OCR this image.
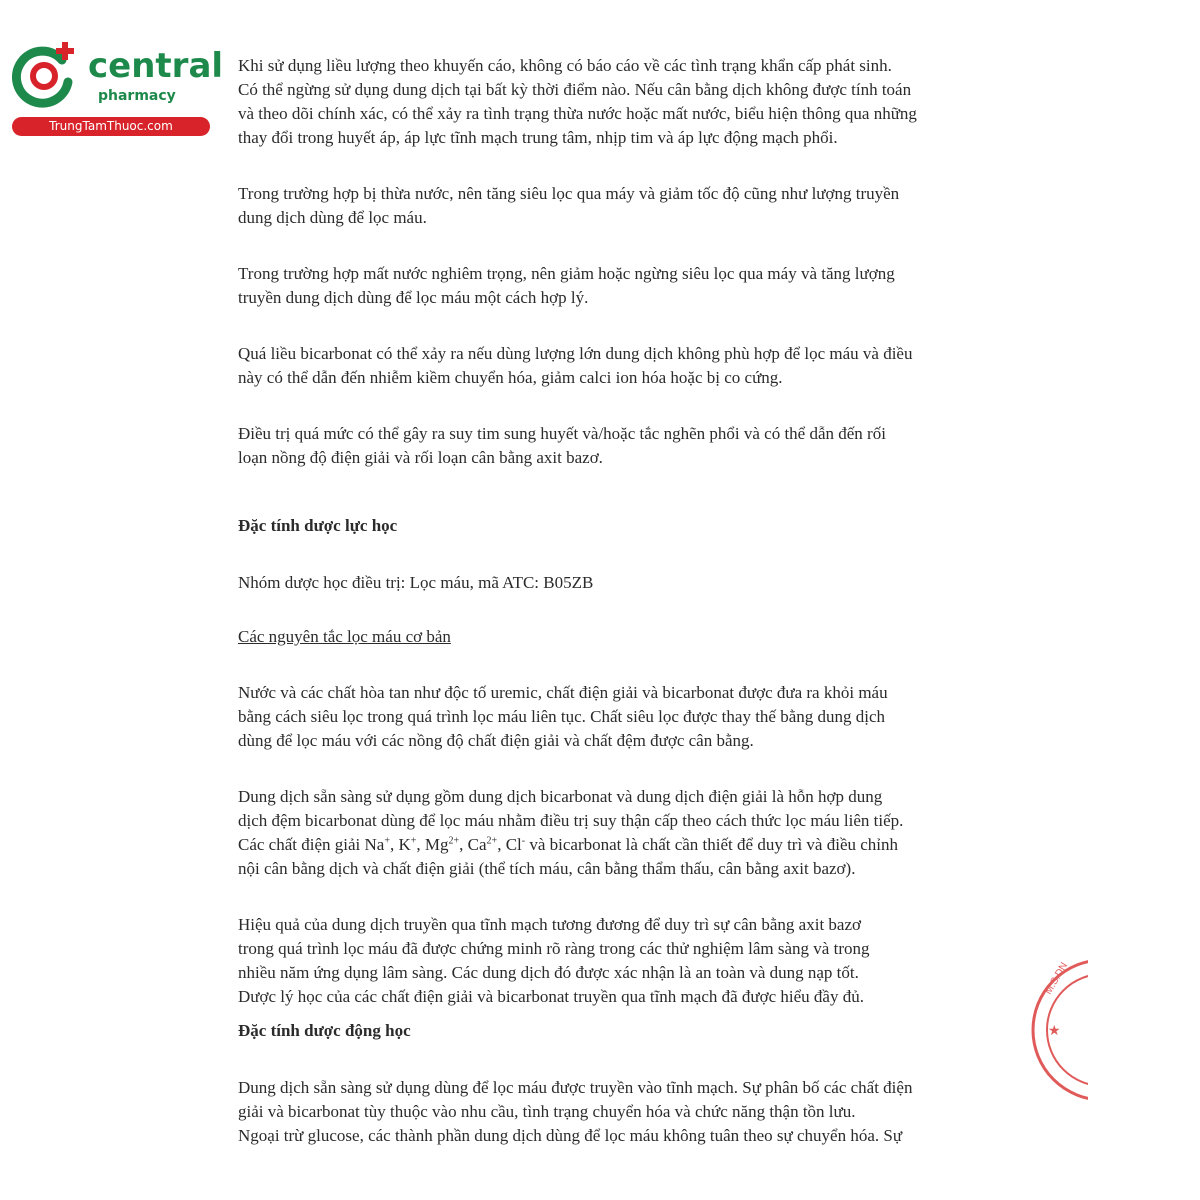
central
pharmacy
TrungTamThuoc.com
Khi sử dụng liều lượng theo khuyến cáo, không có báo cáo về các tình trạng khẩn cấp phát sinh.
Có thể ngừng sử dụng dung dịch tại bất kỳ thời điểm nào. Nếu cân bằng dịch không được tính toán
và theo dõi chính xác, có thể xảy ra tình trạng thừa nước hoặc mất nước, biểu hiện thông qua những
thay đổi trong huyết áp, áp lực tĩnh mạch trung tâm, nhịp tim và áp lực động mạch phổi.
Trong trường hợp bị thừa nước, nên tăng siêu lọc qua máy và giảm tốc độ cũng như lượng truyền
dung dịch dùng để lọc máu.
Trong trường hợp mất nước nghiêm trọng, nên giảm hoặc ngừng siêu lọc qua máy và tăng lượng
truyền dung dịch dùng để lọc máu một cách hợp lý.
Quá liều bicarbonat có thể xảy ra nếu dùng lượng lớn dung dịch không phù hợp để lọc máu và điều
này có thể dẫn đến nhiễm kiềm chuyển hóa, giảm calci ion hóa hoặc bị co cứng.
Điều trị quá mức có thể gây ra suy tim sung huyết và/hoặc tắc nghẽn phổi và có thể dẫn đến rối
loạn nồng độ điện giải và rối loạn cân bằng axit bazơ.
Đặc tính dược lực học
Nhóm dược học điều trị: Lọc máu, mã ATC: B05ZB
Các nguyên tắc lọc máu cơ bản
Nước và các chất hòa tan như độc tố uremic, chất điện giải và bicarbonat được đưa ra khỏi máu
bằng cách siêu lọc trong quá trình lọc máu liên tục. Chất siêu lọc được thay thế bằng dung dịch
dùng để lọc máu với các nồng độ chất điện giải và chất đệm được cân bằng.
Dung dịch sẵn sàng sử dụng gồm dung dịch bicarbonat và dung dịch điện giải là hỗn hợp dung
dịch đệm bicarbonat dùng để lọc máu nhằm điều trị suy thận cấp theo cách thức lọc máu liên tiếp.
Các chất điện giải Na+, K+, $Mg^{2+}$, $Ca^{2+}$, Cl- và bicarbonat là chất cần thiết để duy trì và điều chỉnh
nội cân bằng dịch và chất điện giải (thể tích máu, cân bằng thẩm thấu, cân bằng axit bazơ).
Hiệu quả của dung dịch truyền qua tĩnh mạch tương đương để duy trì sự cân bằng axit bazơ
trong quá trình lọc máu đã được chứng minh rõ ràng trong các thử nghiệm lâm sàng và trong
nhiều năm ứng dụng lâm sàng. Các dung dịch đó được xác nhận là an toàn và dung nạp tốt.
Dược lý học của các chất điện giải và bicarbonat truyền qua tĩnh mạch đã được hiểu đầy đủ.
Đặc tính dược động học
Dung dịch sẵn sàng sử dụng dùng để lọc máu được truyền vào tĩnh mạch. Sự phân bố các chất điện
giải và bicarbonat tùy thuộc vào nhu cầu, tình trạng chuyển hóa và chức năng thận tồn lưu.
Ngoại trừ glucose, các thành phần dung dịch dùng để lọc máu không tuân theo sự chuyển hóa. Sự
M.S.DN
★
